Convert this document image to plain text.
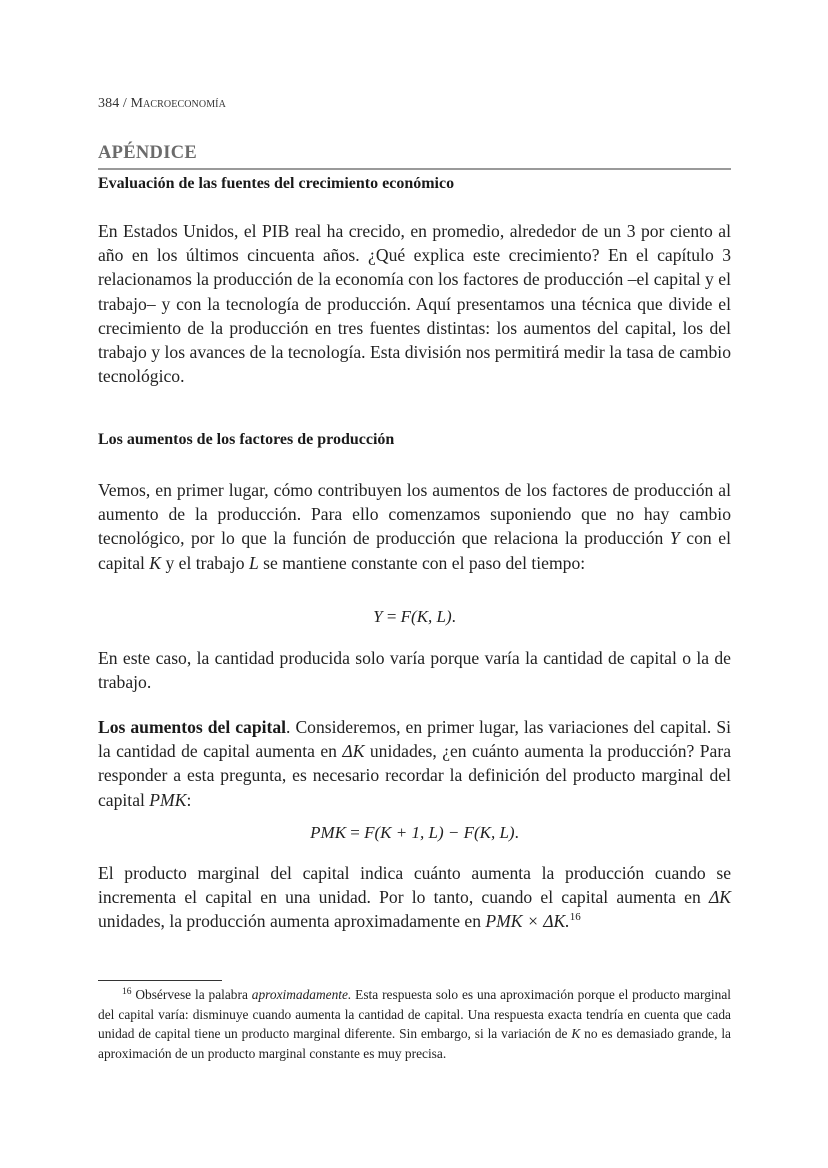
384 / Macroeconomía
APÉNDICE
Evaluación de las fuentes del crecimiento económico

En Estados Unidos, el PIB real ha crecido, en promedio, alrededor de un 3 por ciento al año en los últimos cincuenta años. ¿Qué explica este crecimiento? En el capítulo 3 relacionamos la producción de la economía con los factores de producción –el capital y el trabajo– y con la tecnología de producción. Aquí presentamos una técnica que divide el crecimiento de la producción en tres fuentes distintas: los aumentos del capital, los del trabajo y los avances de la tecnología. Esta división nos permitirá medir la tasa de cambio tecnológico.

Los aumentos de los factores de producción

Vemos, en primer lugar, cómo contribuyen los aumentos de los factores de producción al aumento de la producción. Para ello comenzamos suponiendo que no hay cambio tecnológico, por lo que la función de producción que relaciona la producción Y con el capital K y el trabajo L se mantiene constante con el paso del tiempo:

Y = F(K, L).

En este caso, la cantidad producida solo varía porque varía la cantidad de capital o la de trabajo.

Los aumentos del capital. Consideremos, en primer lugar, las variaciones del capital. Si la cantidad de capital aumenta en ΔK unidades, ¿en cuánto aumenta la producción? Para responder a esta pregunta, es necesario recordar la definición del producto marginal del capital PMK:

PMK = F(K + 1, L) − F(K, L).

El producto marginal del capital indica cuánto aumenta la producción cuando se incrementa el capital en una unidad. Por lo tanto, cuando el capital aumenta en ΔK unidades, la producción aumenta aproximadamente en PMK × ΔK.$^{16}$

$^{16}$ Obsérvese la palabra aproximadamente. Esta respuesta solo es una aproximación porque el producto marginal del capital varía: disminuye cuando aumenta la cantidad de capital. Una respuesta exacta tendría en cuenta que cada unidad de capital tiene un producto marginal diferente. Sin embargo, si la variación de K no es demasiado grande, la aproximación de un producto marginal constante es muy precisa.
